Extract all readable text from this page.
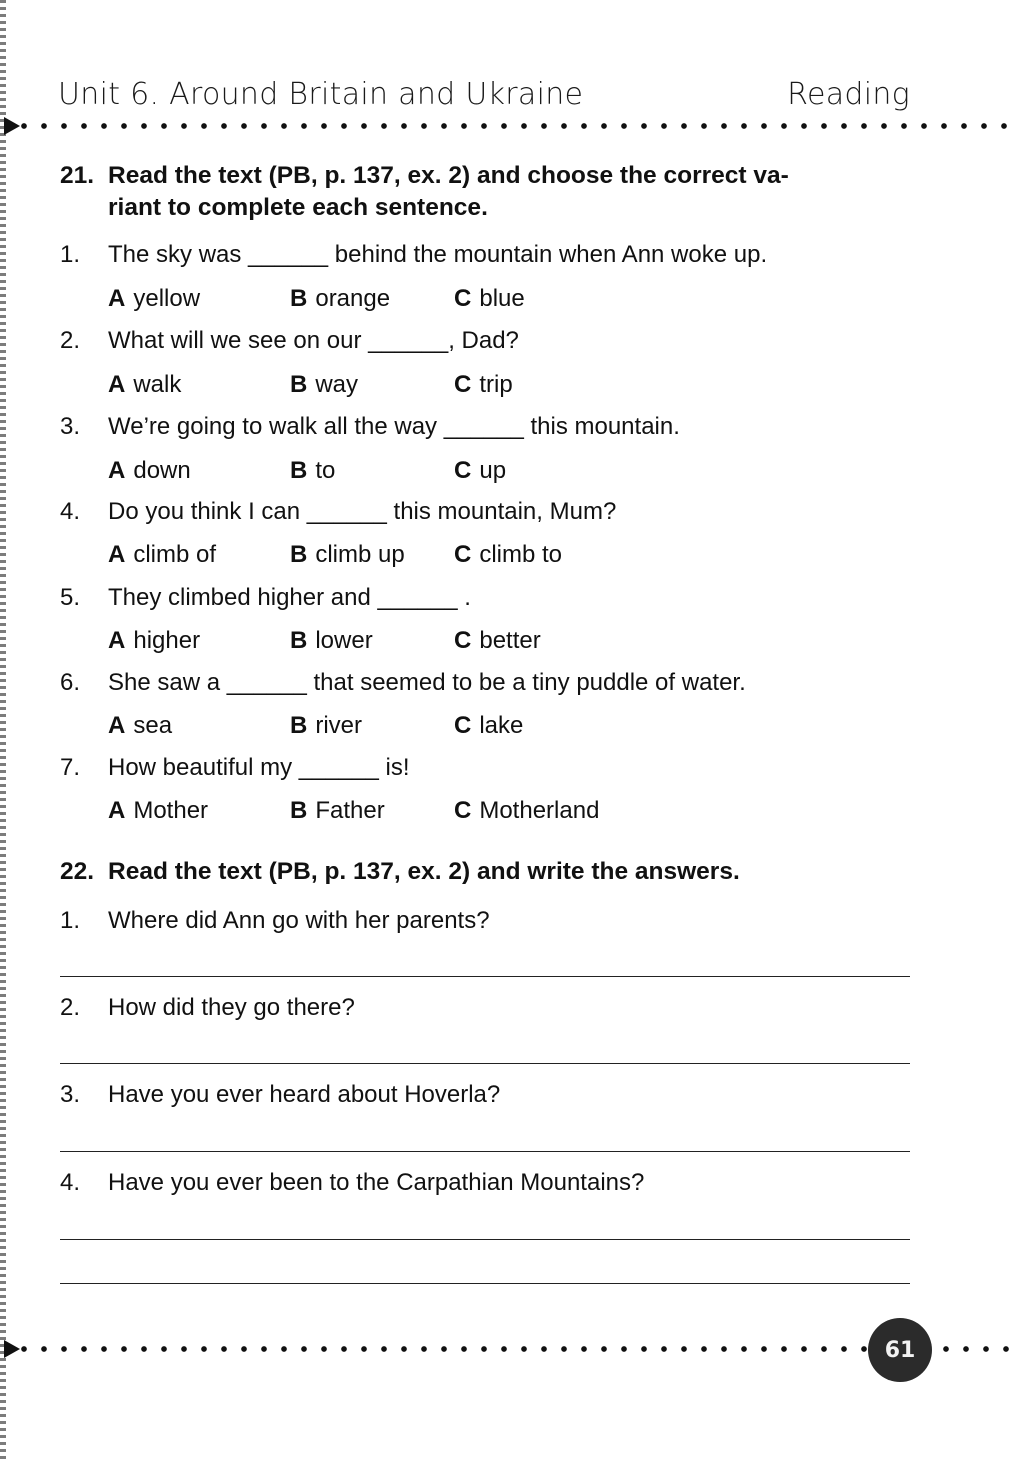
Unit 6. Around Britain and Ukraine	Reading
21. Read the text (PB, p. 137, ex. 2) and choose the correct va-
riant to complete each sentence.
1. The sky was ______ behind the mountain when Ann woke up.
A yellow	B orange	C blue
2. What will we see on our ______, Dad?
A walk	B way	C trip
3. We’re going to walk all the way ______ this mountain.
A down	B to	C up
4. Do you think I can ______ this mountain, Mum?
A climb of	B climb up C climb to
5. They climbed higher and ______ .
A higher	B lower	C better
6. She saw a ______ that seemed to be a tiny puddle of water.
A sea	B river	C lake
7. How beautiful my ______ is!
A Mother	B Father	C Motherland
22. Read the text (PB, p. 137, ex. 2) and write the answers.
1. Where did Ann go with her parents?
2. How did they go there?
3. Have you ever heard about Hoverla?
4. Have you ever been to the Carpathian Mountains?
61
